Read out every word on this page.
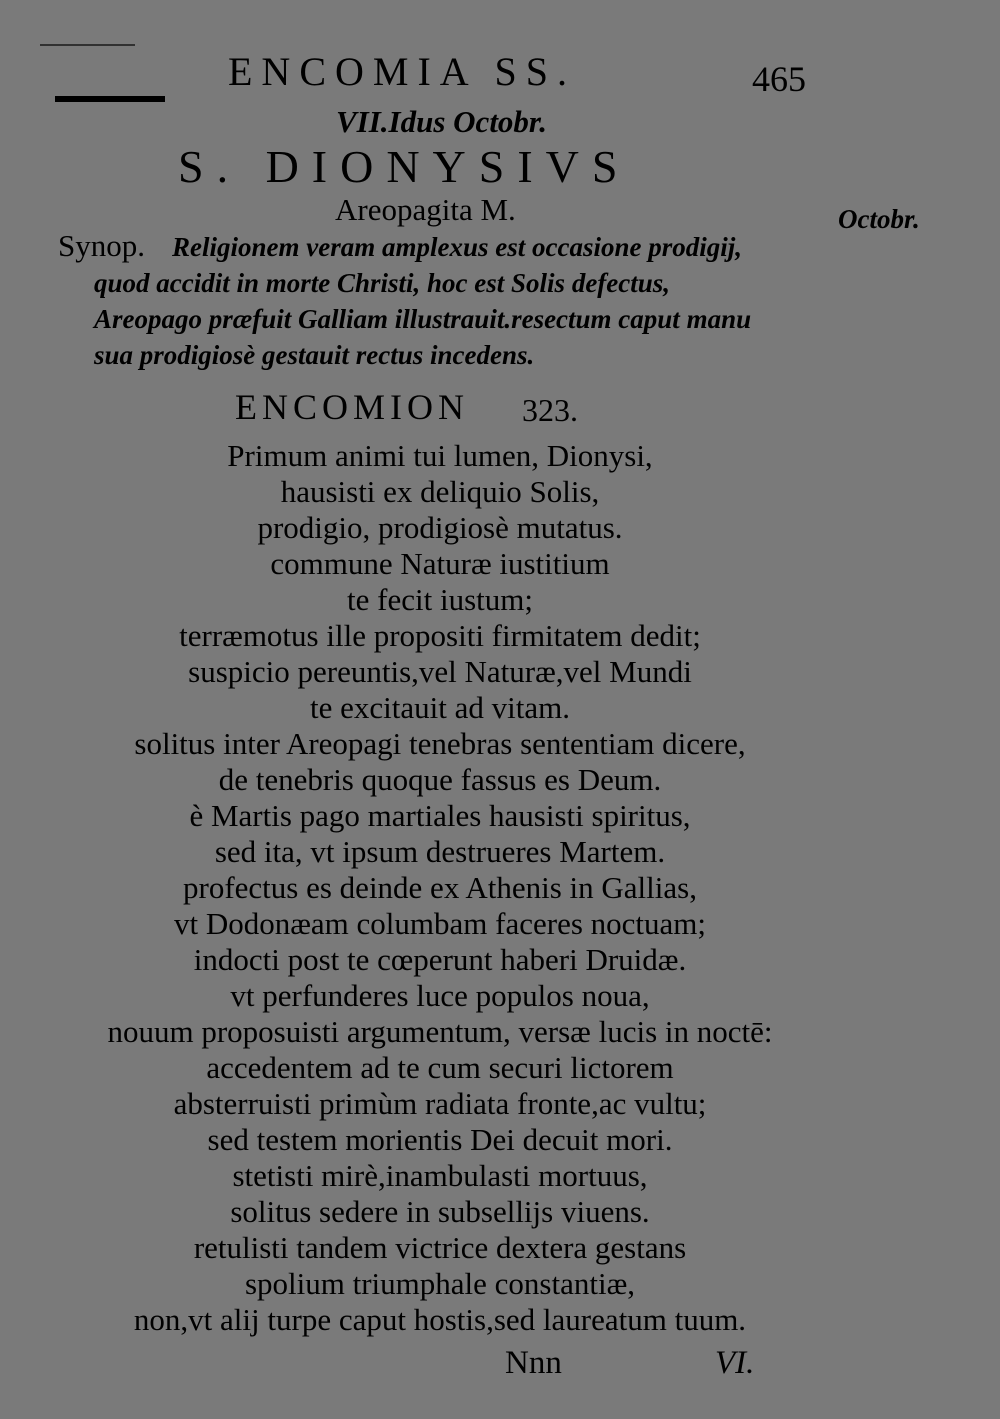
ENCOMIA SS.	465
VII.Idus Octobr.
S. DIONYSIVS
Areopagita M.	Octobr.
Synop. Religionem veram amplexus est occasione prodigij,
quod accidit in morte Christi, hoc est Solis defectus,
Areopago præfuit Galliam illustrauit.resectum caput manu
sua prodigiosè gestauit rectus incedens.
ENCOMION 323.
Primum animi tui lumen, Dionysi,
hausisti ex deliquio Solis,
prodigio, prodigiosè mutatus.
commune Naturæ iustitium
te fecit iustum;
terræmotus ille propositi firmitatem dedit;
suspicio pereuntis,vel Naturæ,vel Mundi
te excitauit ad vitam.
solitus inter Areopagi tenebras sententiam dicere,
de tenebris quoque fassus es Deum.
è Martis pago martiales hausisti spiritus,
sed ita, vt ipsum destrueres Martem.
profectus es deinde ex Athenis in Gallias,
vt Dodonæam columbam faceres noctuam;
indocti post te cœperunt haberi Druidæ.
vt perfunderes luce populos noua,
nouum proposuisti argumentum, versæ lucis in noctē:
accedentem ad te cum securi lictorem
absterruisti primùm radiata fronte,ac vultu;
sed testem morientis Dei decuit mori.
stetisti mirè,inambulasti mortuus,
solitus sedere in subsellijs viuens.
retulisti tandem victrice dextera gestans
spolium triumphale constantiæ,
non,vt alij turpe caput hostis,sed laureatum tuum.
Nnn	VI.
